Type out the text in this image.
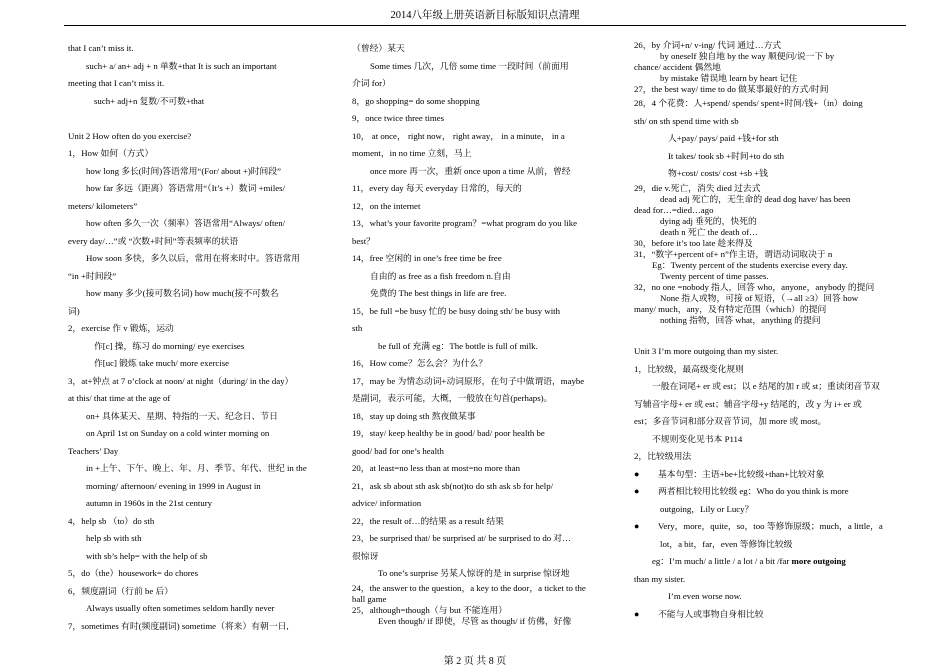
2014八年级上册英语新目标版知识点清理

that I can’t miss it.

such+ a/ an+ adj + n 单数+that It is such an important

meeting that I can’t miss it.

such+ adj+n 复数/不可数+that

Unit 2 How often do you exercise?

1，How 如何（方式）

how long 多长(时间)答语常用“(For/ about +)时间段”

how far 多远（距离）答语常用“（It’s +）数词 +miles/

meters/ kilometers”

how often 多久一次（频率）答语常用“Always/ often/

every day/…”或 “次数+时间”等表频率的状语

How soon 多快，多久以后，常用在将来时中。答语常用

“in +时间段”

how many 多少(接可数名词) how much(接不可数名

词)

2，exercise 作 v 锻炼，运动

作[c] 操，练习 do morning/ eye exercises

作[uc] 锻炼 take much/ more exercise

3，at+钟点 at 7 o’clock at noon/ at night（during/ in the day）

at this/ that time at the age of

on+ 具体某天、星期、特指的一天、纪念日、节日

on April 1st on Sunday on a cold winter morning on

Teachers’ Day

in +上午、下午、晚上、年、月、季节、年代、世纪 in the

morning/ afternoon/ evening in 1999 in August in

autumn in 1960s in the 21st century

4，help sb （to）do sth

help sb with sth

with sb’s help= with the help of sb

5，do（the）housework= do chores

6，频度副词（行前 be 后）

Always usually often sometimes seldom hardly never

7，sometimes 有时(频度副词) sometime（将来）有朝一日,

（曾经）某天

Some times 几次，几倍 some time 一段时间（前面用

介词 for）

8，go shopping= do some shopping

9，once twice three times

10， at once， right now， right away， in a minute， in a

moment，in no time 立刻，马上

once more 再一次，重新 once upon a time 从前，曾经

11，every day 每天 everyday 日常的，每天的

12，on the internet

13，what’s your favorite program？=what program do you like

best？

14，free 空闲的 in one’s free time be free

自由的 as free as a fish freedom n.自由

免费的 The best things in life are free.

15，be full =be busy 忙的 be busy doing sth/ be busy with

sth

be full of 充满 eg：The bottle is full of milk.

16，How come？怎么会？为什么？

17，may be 为情态动词+动词原形，在句子中做谓语，maybe

是副词，表示可能，大概，一般放在句首(perhaps)。

18，stay up doing sth 熬夜做某事

19，stay/ keep healthy be in good/ bad/ poor health be

good/ bad for one’s health

20，at least=no less than at most=no more than

21，ask sb about sth ask sb(not)to do sth ask sb for help/

advice/ information

22，the result of…的结果 as a result 结果

23，be surprised that/ be surprised at/ be surprised to do 对…

很惊讶

To one’s surprise 另某人惊讶的是 in surprise 惊讶地

24，the answer to the question，a key to the door，a ticket to the

ball game

25，although=though（与 but 不能连用）

Even though/ if 即使，尽管 as though/ if 仿佛，好像

26，by 介词+n/ v-ing/ 代词 通过…方式

by oneself 独自地 by the way 顺便问/说一下 by

chance/ accident 偶然地

by mistake 错误地 learn by heart 记住

27，the best way/ time to do 做某事最好的方式/时间

28，4 个花费：人+spend/ spends/ spent+时间/钱+（in）doing

sth/ on sth spend time with sb

人+pay/ pays/ paid +钱+for sth

It takes/ took sb +时间+to do sth

物+cost/ costs/ cost +sb +钱

29，die v.死亡，消失 died 过去式

dead adj 死亡的，无生命的 dead dog have/ has been

dead for…=died…ago

dying adj 垂死的，快死的

death n 死亡 the death of…

30，before it’s too late 趁来得及

31，“数字+percent of+ n”作主语，谓语动词取决于 n

Eg：Twenty percent of the students exercise every day.

Twenty percent of time passes.

32，no one =nobody 指人，回答 who，anyone，anybody 的提问

None 指人或物，可接 of 短语，（→all ≥3）回答 how

many/ much，any，及有特定范围（which）的提问

nothing 指物，回答 what，anything 的提问

Unit 3 I’m more outgoing than my sister.

1，比较级，最高级变化规则

一般在词尾+ er 或 est；以 e 结尾的加 r 或 st；重读闭音节双

写辅音字母+ er 或 est；辅音字母+y 结尾的，改 y 为 i+ er 或

est；多音节词和部分双音节词，加 more 或 most。

不规则变化见书本 P114

2，比较级用法

● 基本句型：主语+be+比较级+than+比较对象

● 两者相比较用比较级 eg：Who do you think is more

outgoing，Lily or Lucy？

● Very，more，quite，so，too 等修饰原级；much，a little，a

lot，a bit，far，even 等修饰比较级

eg：I’m much/ a little / a lot / a bit /far more outgoing

than my sister.

I’m even worse now.

● 不能与人或事物自身相比较

第 2 页 共 8 页
